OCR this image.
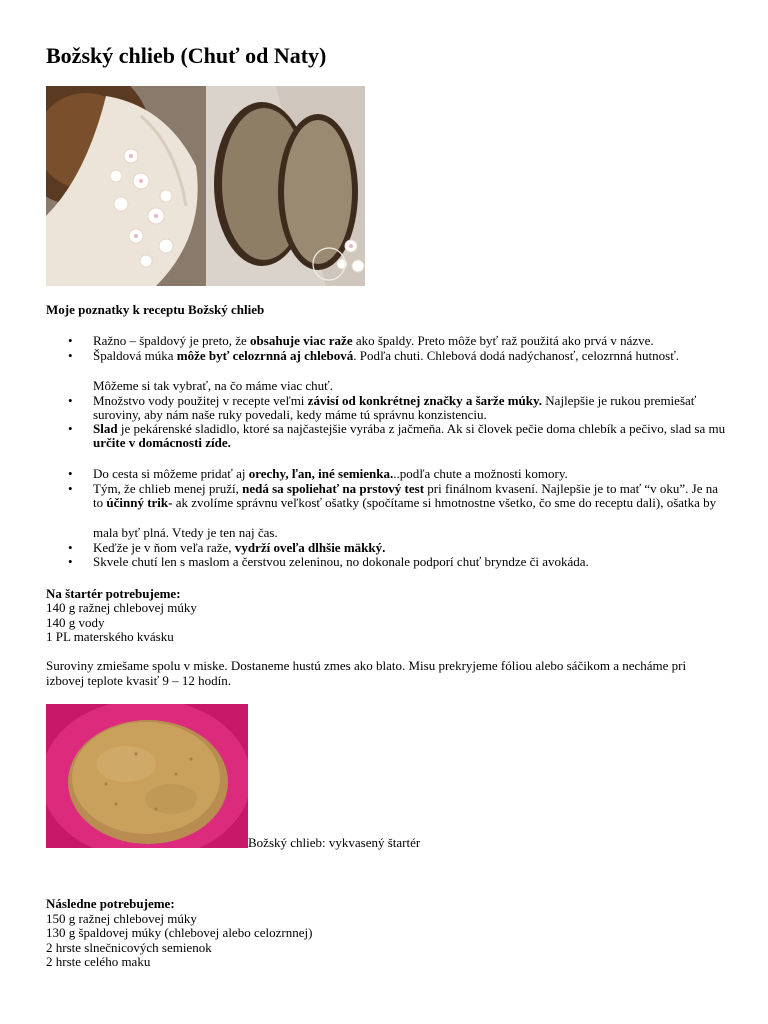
Božský chlieb (Chuť od Naty)
Moje poznatky k receptu Božský chlieb
• Ražno – špaldový je preto, že obsahuje viac raže ako špaldy. Preto môže byť raž použitá ako prvá v názve.
• Špaldová múka môže byť celozrnná aj chlebová. Podľa chuti. Chlebová dodá nadýchanosť, celozrnná hutnosť.
• Množstvo vody použitej v recepte veľmi závisí od konkrétnej značky a šarže múky. Najlepšie je rukou premiešať suroviny, aby nám naše ruky povedali, kedy máme tú správnu konzistenciu.
• Slad je pekárenské sladidlo, ktoré sa najčastejšie vyrába z jačmeňa. Ak si človek pečie doma chlebík a pečivo, slad sa mu určite v domácnosti zíde.
• Do cesta si môžeme pridať aj orechy, ľan, iné semienka...podľa chute a možnosti komory.
• Tým, že chlieb menej pruží, nedá sa spoliehať na prstový test pri finálnom kvasení. Najlepšie je to mať “v oku”. Je na to účinný trik- ak zvolíme správnu veľkosť ošatky (spočítame si hmotnostne všetko, čo sme do receptu dali), ošatka by
• Keďže je v ňom veľa raže, vydrží oveľa dlhšie mäkký.
• Skvele chutí len s maslom a čerstvou zeleninou, no dokonale podporí chuť bryndze či avokáda.
Môžeme si tak vybrať, na čo máme viac chuť.
mala byť plná. Vtedy je ten naj čas.
Na štartér potrebujeme:
140 g ražnej chlebovej múky
140 g vody
1 PL materského kvásku
Suroviny zmiešame spolu v miske. Dostaneme hustú zmes ako blato. Misu prekryjeme fóliou alebo sáčikom a necháme pri izbovej teplote kvasiť 9 – 12 hodín.
Božský chlieb: vykvasený štartér
Následne potrebujeme:
150 g ražnej chlebovej múky
130 g špaldovej múky (chlebovej alebo celozrnnej)
2 hrste slnečnicových semienok
2 hrste celého maku
